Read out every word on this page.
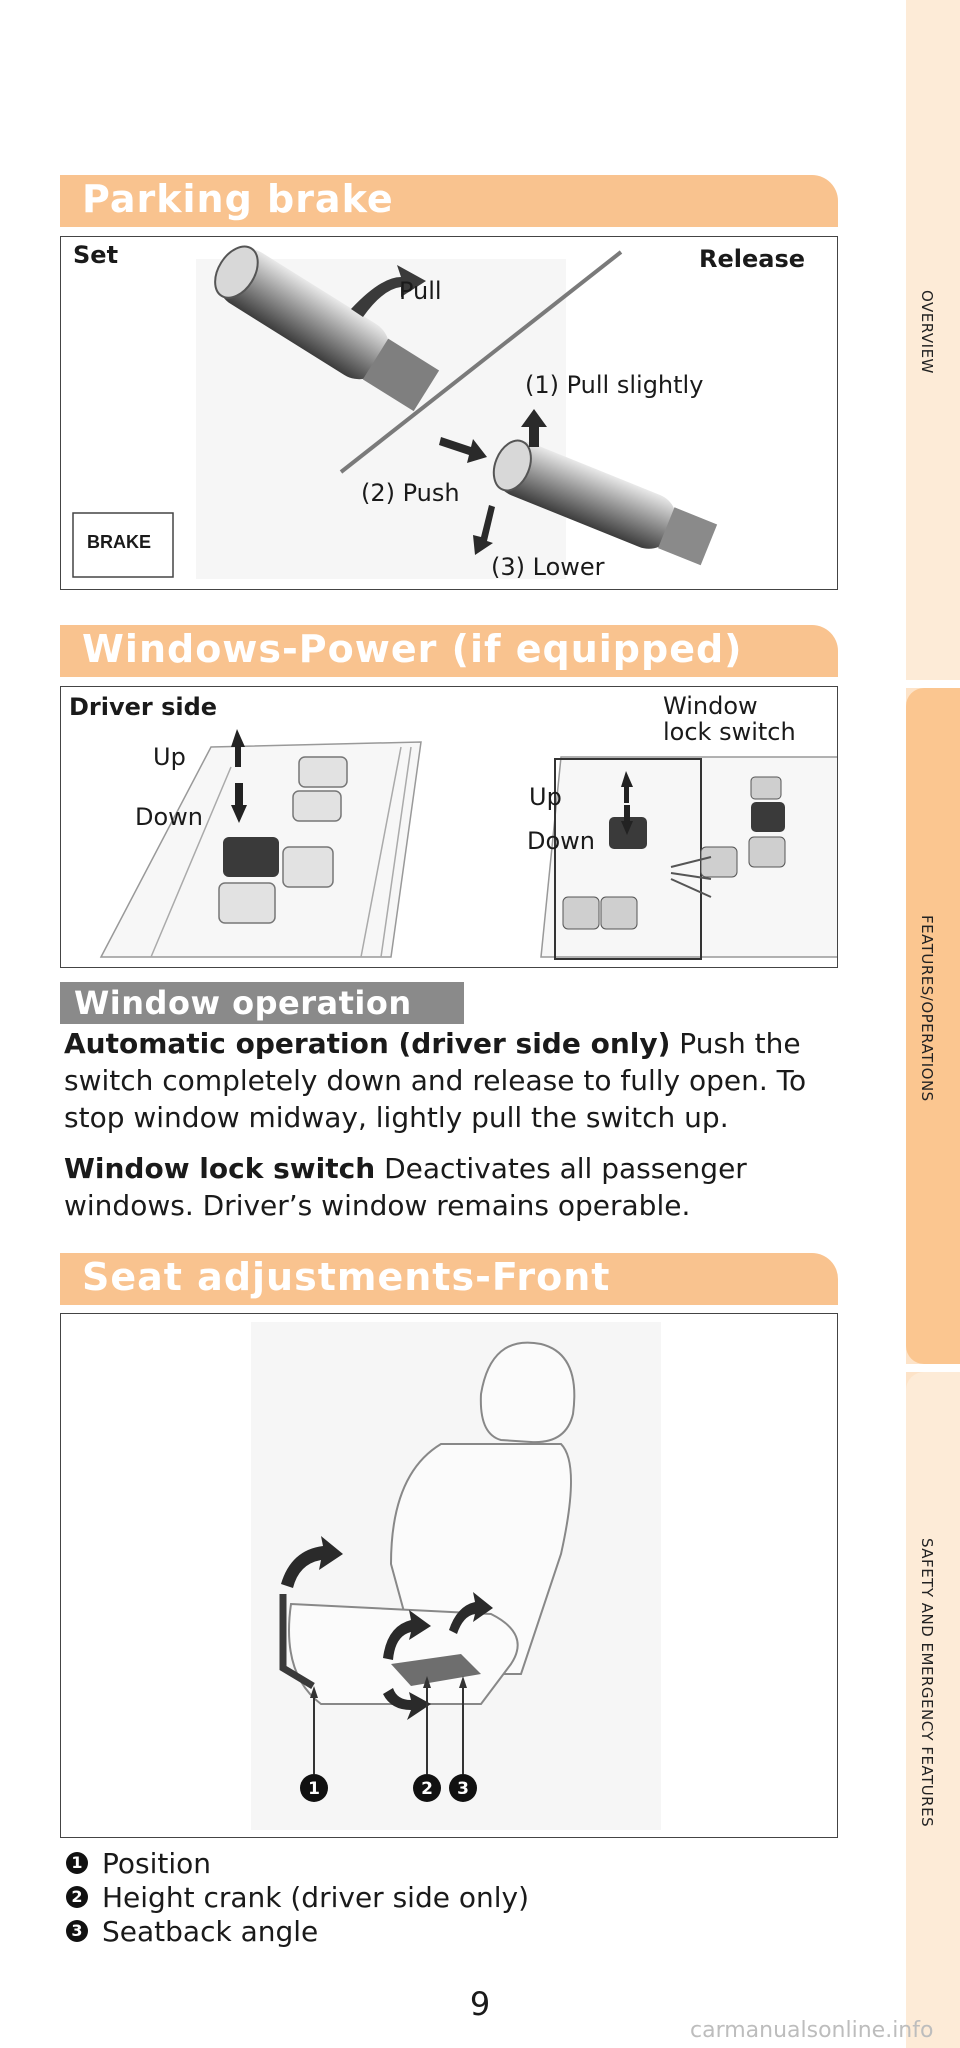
OVERVIEW
FEATURES/OPERATIONS
SAFETY AND EMERGENCY FEATURES
Parking brake
Set	Release
Pull
(1) Pull slightly
(2) Push
(3) Lower
BRAKE
Windows-Power (if equipped)
Driver side	Window
lock switch
Up
Down
Up
Down
Window operation
Automatic operation (driver side only) Push the switch completely down and release to fully open. To stop window midway, lightly pull the switch up.
Window lock switch Deactivates all passenger windows. Driver’s window remains operable.
Seat adjustments-Front
1	2 3
1 Position
2 Height crank (driver side only)
3 Seatback angle
9
carmanualsonline.info
